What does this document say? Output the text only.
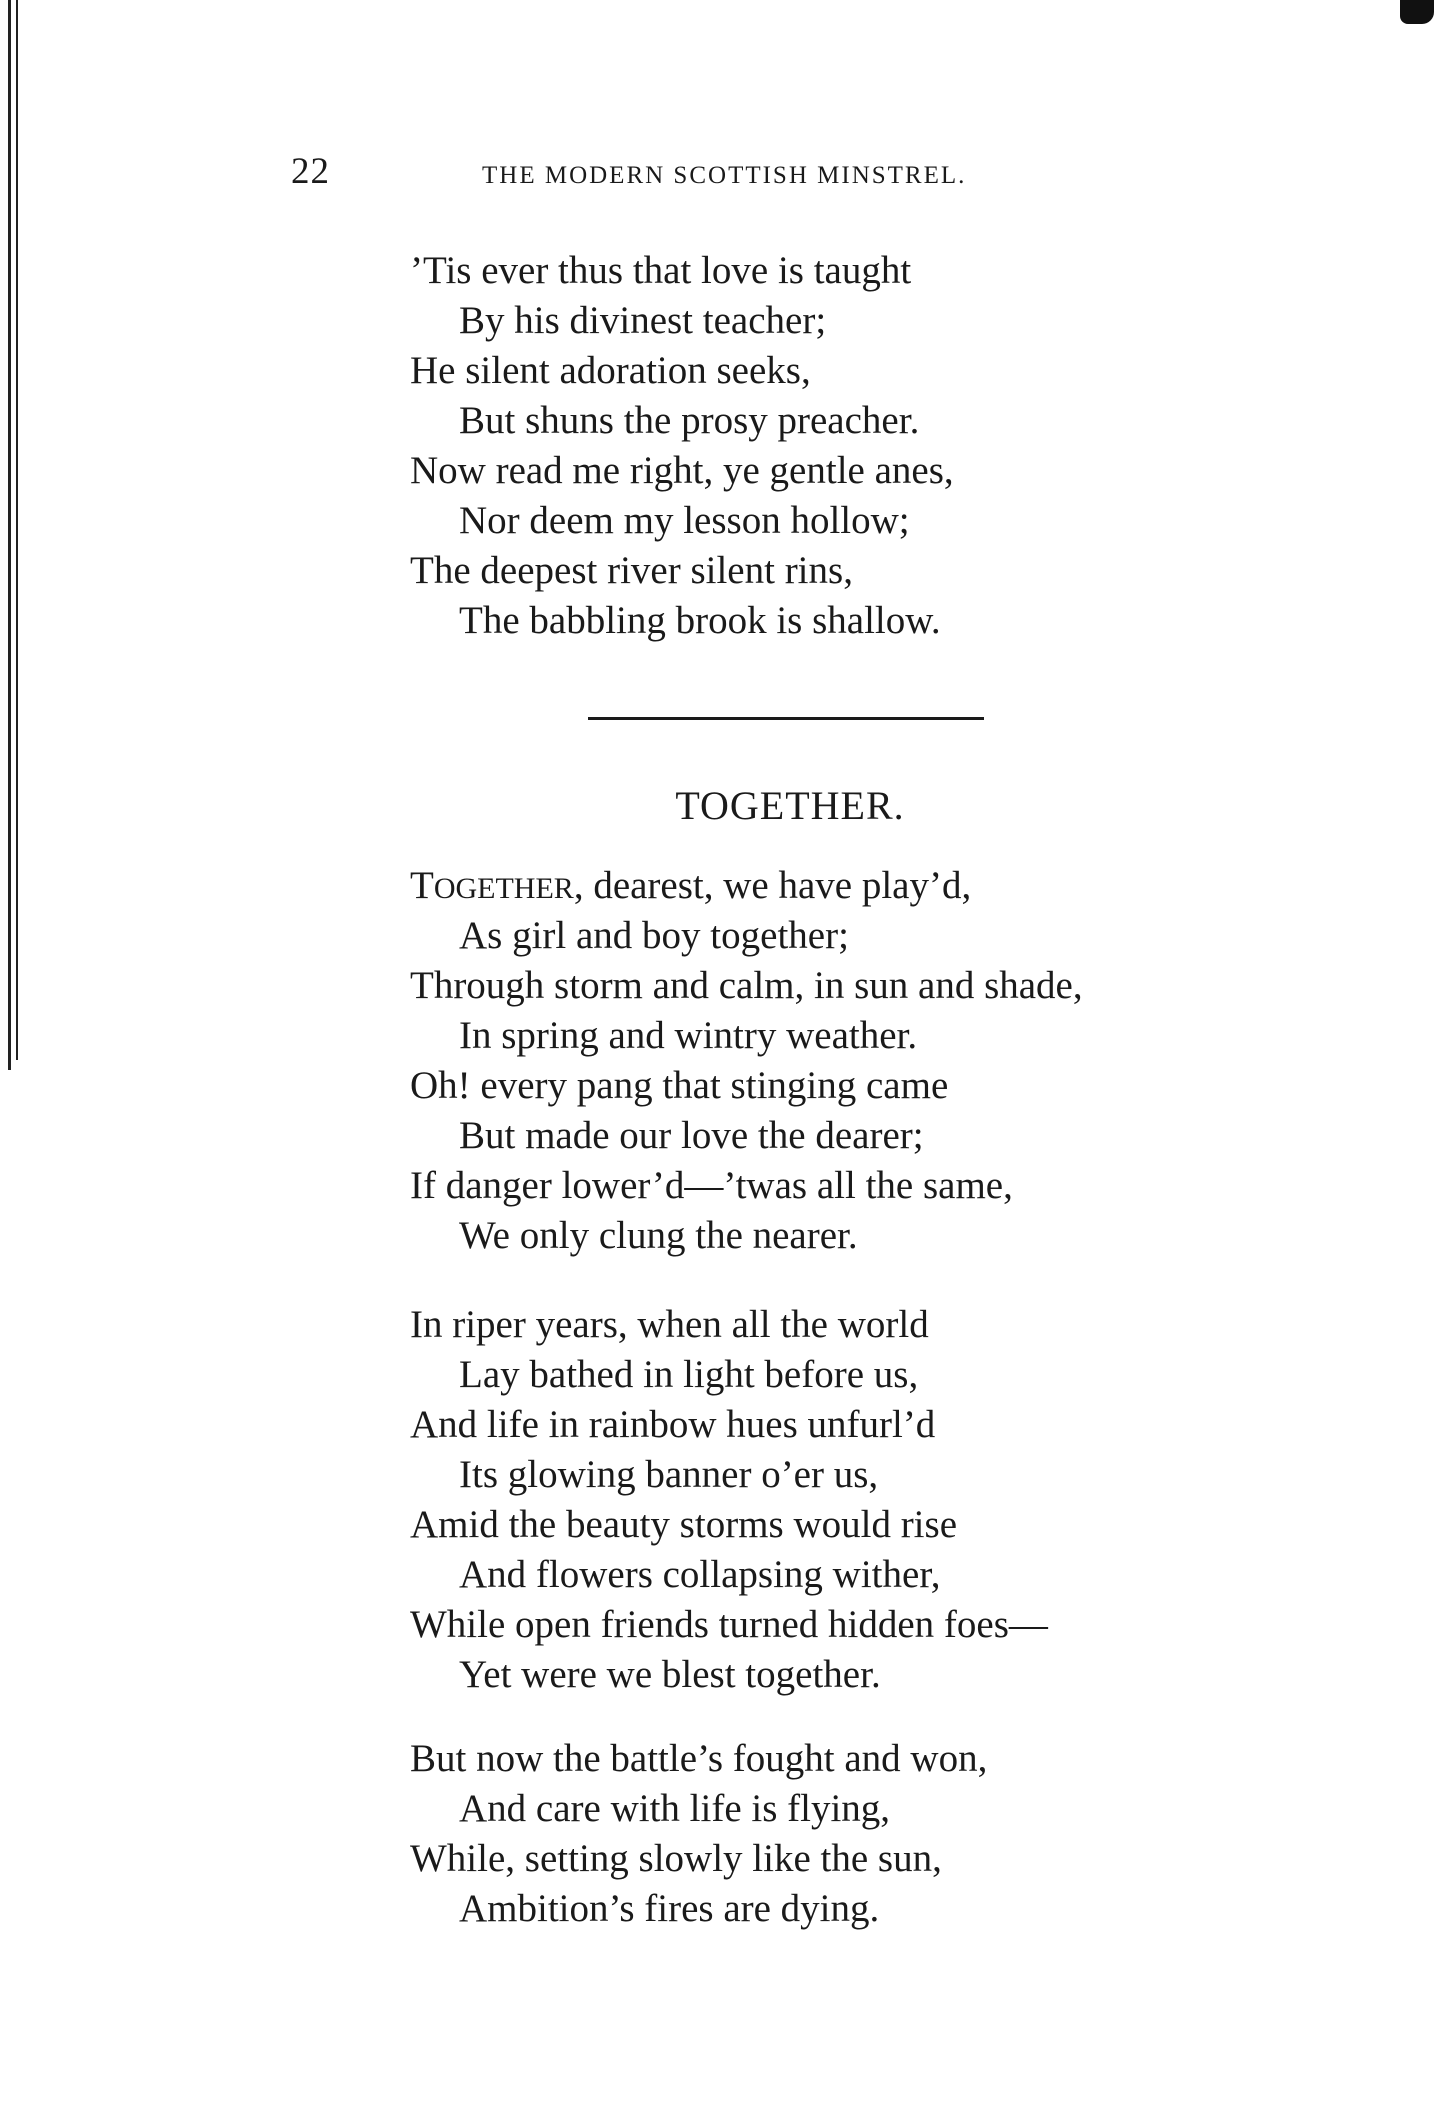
22	THE MODERN SCOTTISH MINSTREL.
’Tis ever thus that love is taught
By his divinest teacher;
He silent adoration seeks,
But shuns the prosy preacher.
Now read me right, ye gentle anes,
Nor deem my lesson hollow;
The deepest river silent rins,
The babbling brook is shallow.
TOGETHER.
TOGETHER, dearest, we have play’d,
As girl and boy together;
Through storm and calm, in sun and shade,
In spring and wintry weather.
Oh! every pang that stinging came
But made our love the dearer;
If danger lower’d—’twas all the same,
We only clung the nearer.
In riper years, when all the world
Lay bathed in light before us,
And life in rainbow hues unfurl’d
Its glowing banner o’er us,
Amid the beauty storms would rise
And flowers collapsing wither,
While open friends turned hidden foes—
Yet were we blest together.
But now the battle’s fought and won,
And care with life is flying,
While, setting slowly like the sun,
Ambition’s fires are dying.
